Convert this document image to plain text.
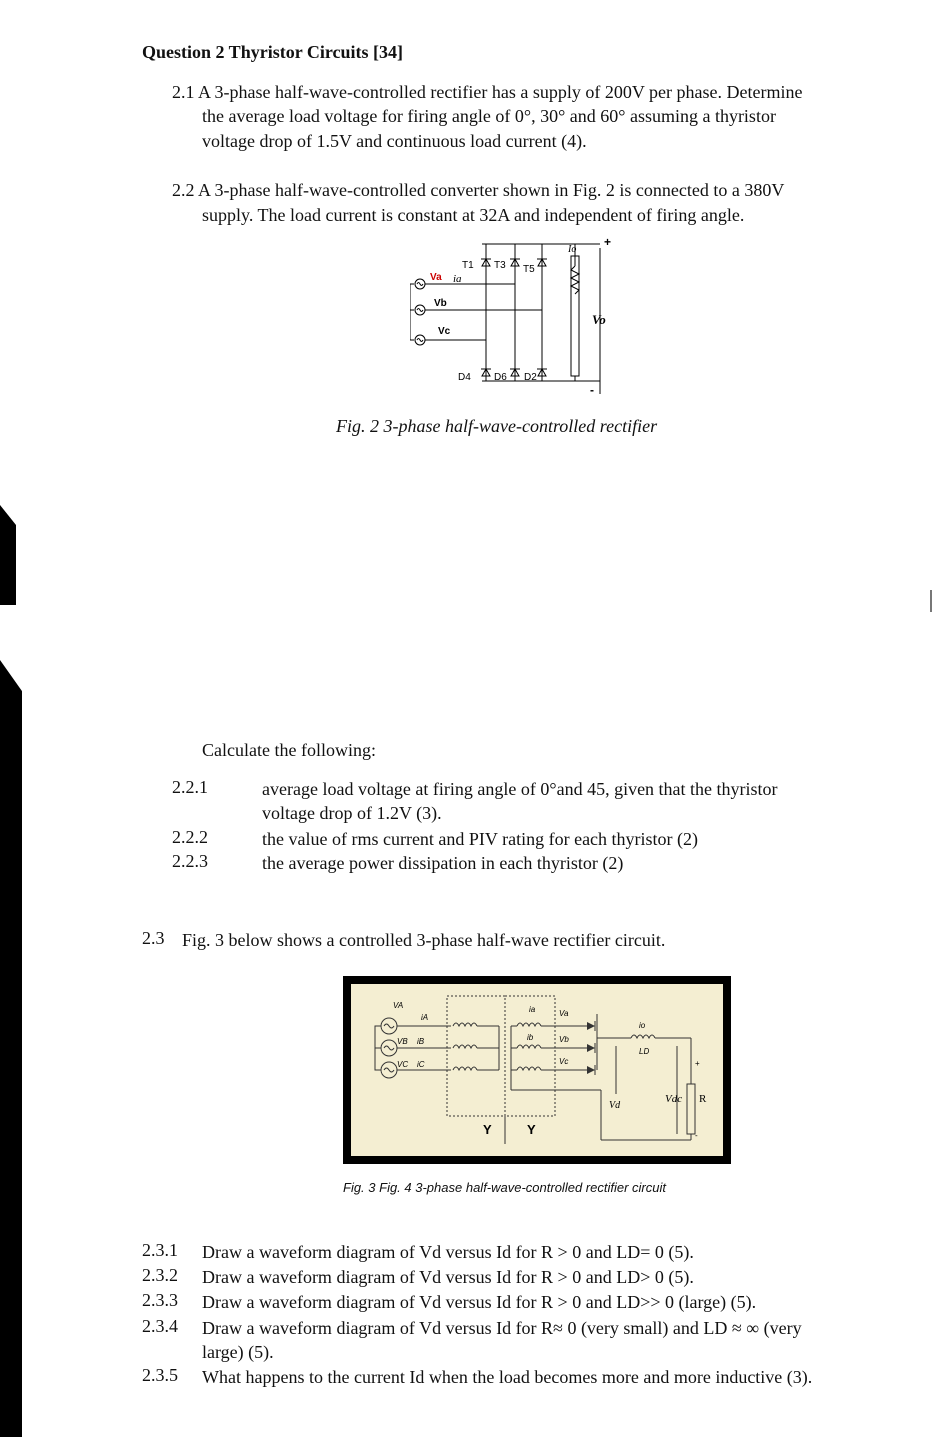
Question 2 Thyristor Circuits [34]
2.1 A 3-phase half-wave-controlled rectifier has a supply of 200V per phase. Determine
the average load voltage for firing angle of 0°, 30° and 60° assuming a thyristor
voltage drop of 1.5V and continuous load current (4).
2.2 A 3-phase half-wave-controlled converter shown in Fig. 2 is connected to a 380V
supply. The load current is constant at 32A and independent of firing angle.
Va ia
Vb
Vc
T1 T3 T5
D4 D6 D2
Io
+
Vo
-
Fig. 2 3-phase half-wave-controlled rectifier
Calculate the following:
2.2.1	average load voltage at firing angle of 0°and 45, given that the thyristor
voltage drop of 1.2V (3).
2.2.2	the value of rms current and PIV rating for each thyristor (2)
2.2.3	the average power dissipation in each thyristor (2)
2.3 Fig. 3 below shows a controlled 3-phase half-wave rectifier circuit.
VA
VB
VC
iA
iB
iC
ia
ib
Va
Vb
Vc
io
LD
Vd
Vdc R
+
-
Y	Y
Fig. 3 Fig. 4 3-phase half-wave-controlled rectifier circuit
2.3.1 Draw a waveform diagram of Vd versus Id for R > 0 and LD= 0 (5).
2.3.2 Draw a waveform diagram of Vd versus Id for R > 0 and LD> 0 (5).
2.3.3 Draw a waveform diagram of Vd versus Id for R > 0 and LD>> 0 (large) (5).
2.3.4 Draw a waveform diagram of Vd versus Id for R≈ 0 (very small) and LD ≈ ∞ (very
large) (5).
2.3.5 What happens to the current Id when the load becomes more and more inductive (3).
